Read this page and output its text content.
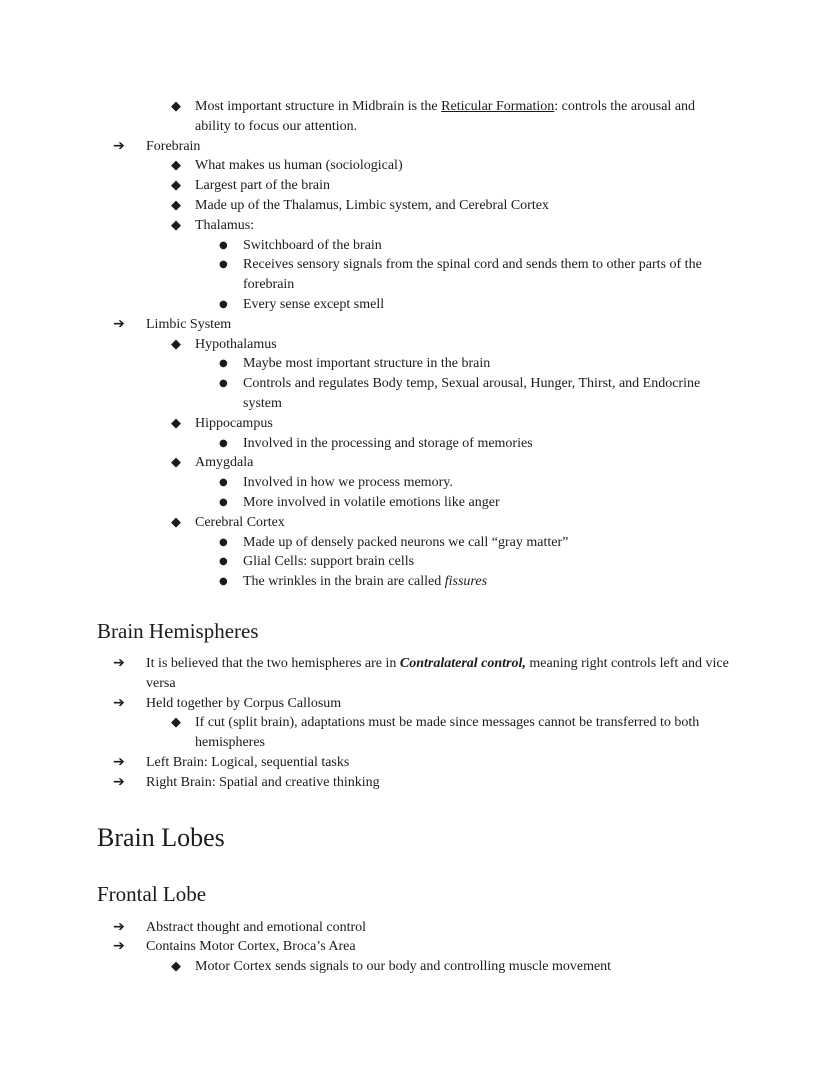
◆ Most important structure in Midbrain is the Reticular Formation: controls the arousal and ability to focus our attention.
➔ Forebrain
◆ What makes us human (sociological)
◆ Largest part of the brain
◆ Made up of the Thalamus, Limbic system, and Cerebral Cortex
◆ Thalamus:
● Switchboard of the brain
● Receives sensory signals from the spinal cord and sends them to other parts of the forebrain
● Every sense except smell
➔ Limbic System
◆ Hypothalamus
● Maybe most important structure in the brain
● Controls and regulates Body temp, Sexual arousal, Hunger, Thirst, and Endocrine system
◆ Hippocampus
● Involved in the processing and storage of memories
◆ Amygdala
● Involved in how we process memory.
● More involved in volatile emotions like anger
◆ Cerebral Cortex
● Made up of densely packed neurons we call “gray matter”
● Glial Cells: support brain cells
● The wrinkles in the brain are called fissures
Brain Hemispheres
➔ It is believed that the two hemispheres are in Contralateral control, meaning right controls left and vice versa
➔ Held together by Corpus Callosum
◆ If cut (split brain), adaptations must be made since messages cannot be transferred to both hemispheres
➔ Left Brain: Logical, sequential tasks
➔ Right Brain: Spatial and creative thinking
Brain Lobes
Frontal Lobe
➔ Abstract thought and emotional control
➔ Contains Motor Cortex, Broca’s Area
◆ Motor Cortex sends signals to our body and controlling muscle movement
